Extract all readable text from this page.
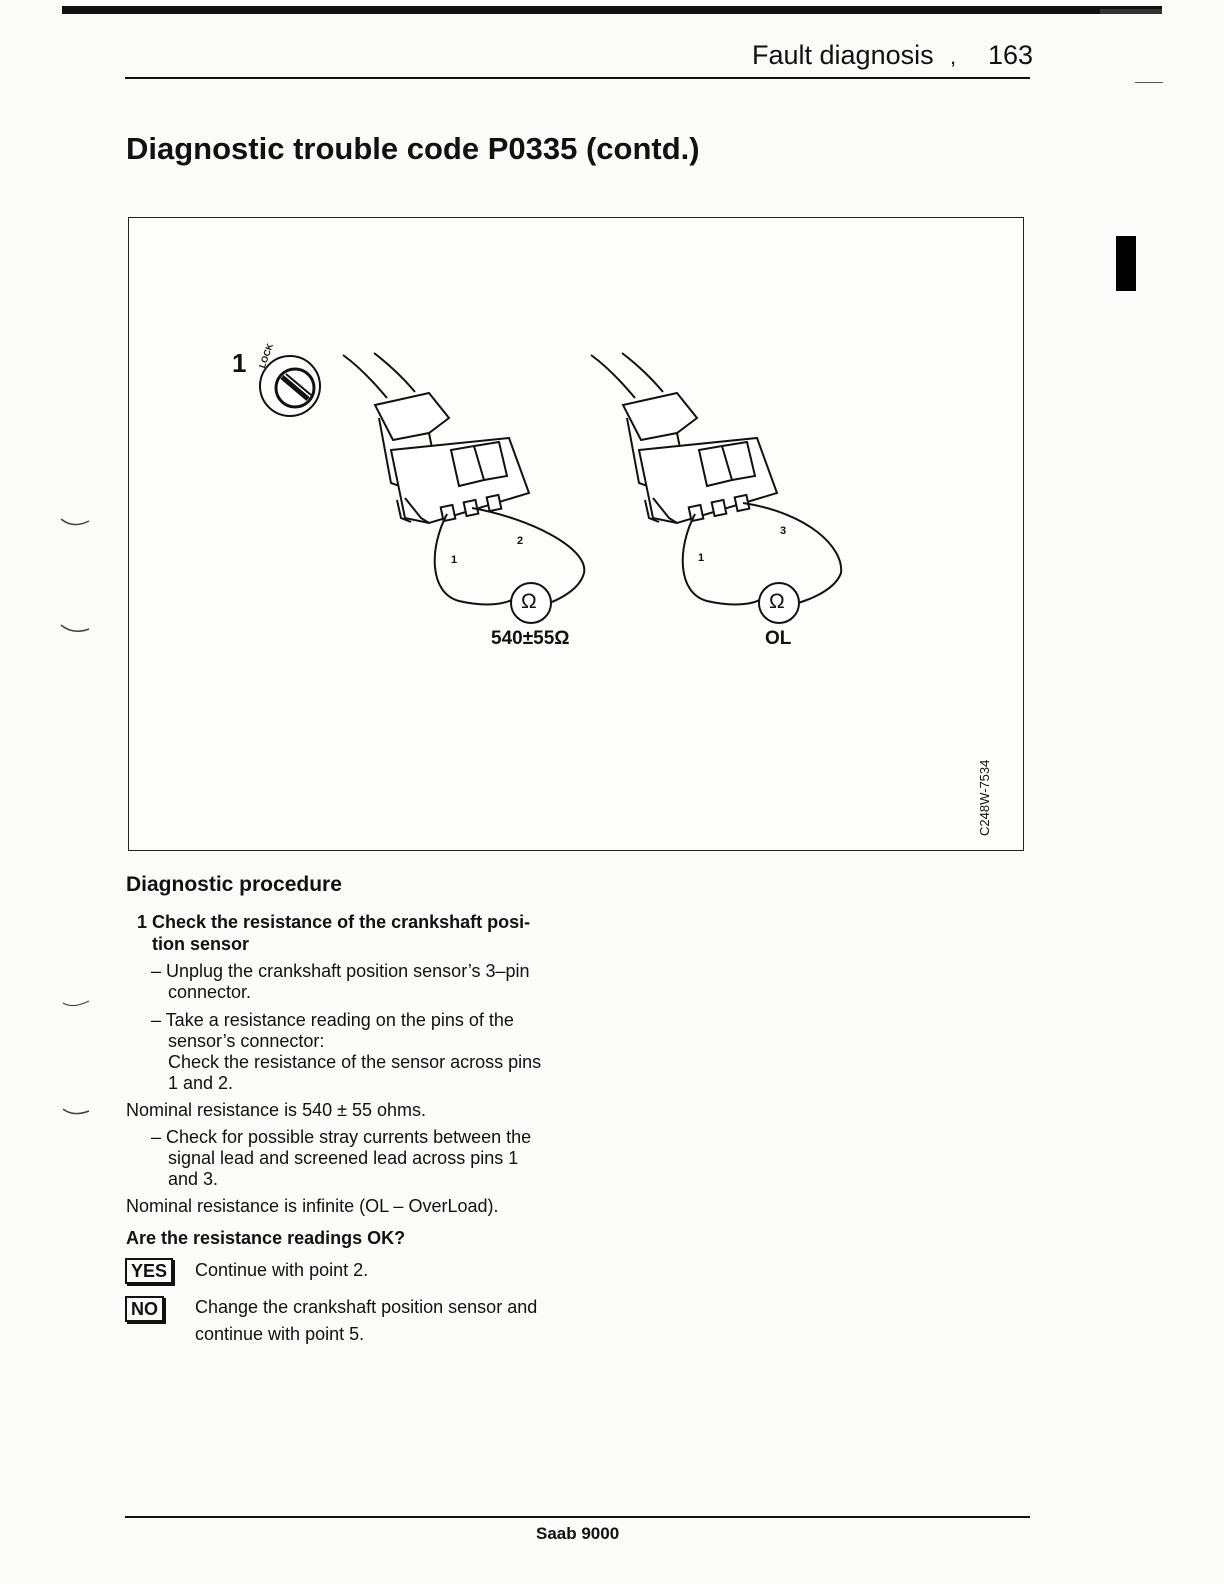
Fault diagnosis , 163
Diagnostic trouble code P0335 (contd.)
1 LOCK
1
2
Ω
540±55Ω
1
3
Ω
OL
C248W-7534
Diagnostic procedure
1 Check the resistance of the crankshaft posi-
tion sensor
– Unplug the crankshaft position sensor’s 3–pin
connector.
– Take a resistance reading on the pins of the
sensor’s connector:
Check the resistance of the sensor across pins
1 and 2.
Nominal resistance is 540 ± 55 ohms.
– Check for possible stray currents between the
signal lead and screened lead across pins 1
and 3.
Nominal resistance is infinite (OL – OverLoad).
Are the resistance readings OK?
YES	Continue with point 2.
NO	Change the crankshaft position sensor and
continue with point 5.
Saab 9000
